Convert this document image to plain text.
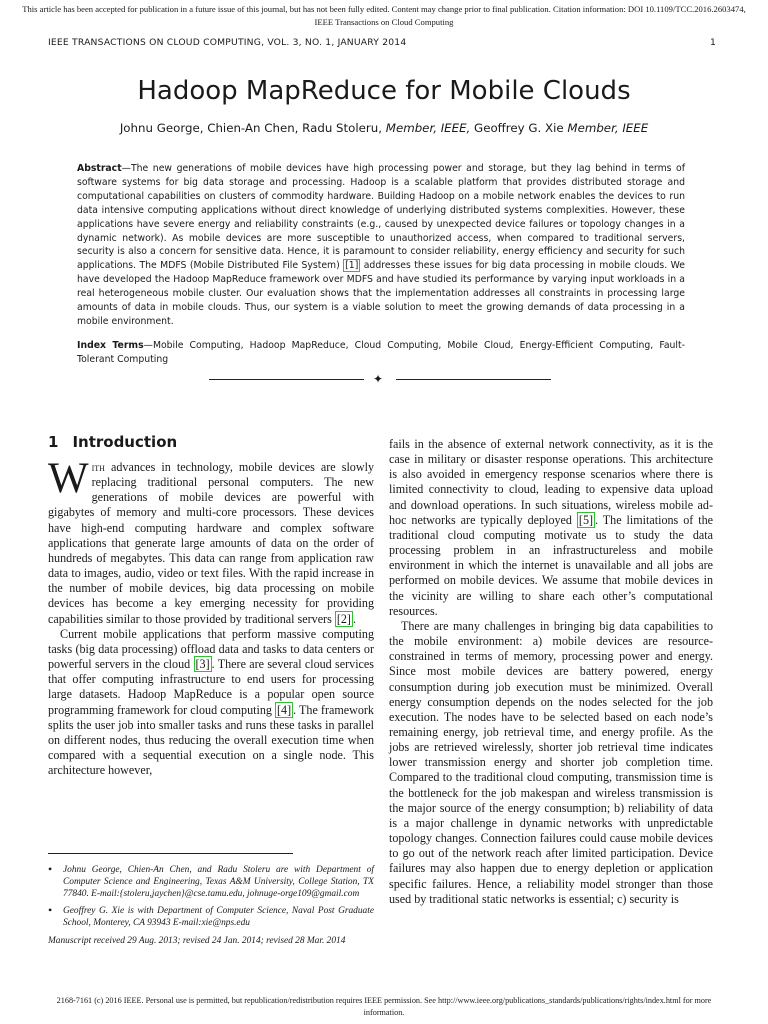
This article has been accepted for publication in a future issue of this journal, but has not been fully edited. Content may change prior to final publication. Citation information: DOI 10.1109/TCC.2016.2603474,
IEEE Transactions on Cloud Computing
IEEE TRANSACTIONS ON CLOUD COMPUTING, VOL. 3, NO. 1, JANUARY 2014	1
Hadoop MapReduce for Mobile Clouds
Johnu George, Chien-An Chen, Radu Stoleru, Member, IEEE, Geoffrey G. Xie Member, IEEE
Abstract—The new generations of mobile devices have high processing power and storage, but they lag behind in terms of software systems for big data storage and processing. Hadoop is a scalable platform that provides distributed storage and computational capabilities on clusters of commodity hardware. Building Hadoop on a mobile network enables the devices to run data intensive computing applications without direct knowledge of underlying distributed systems complexities. However, these applications have severe energy and reliability constraints (e.g., caused by unexpected device failures or topology changes in a dynamic network). As mobile devices are more susceptible to unauthorized access, when compared to traditional servers, security is also a concern for sensitive data. Hence, it is paramount to consider reliability, energy efficiency and security for such applications. The MDFS (Mobile Distributed File System) [1] addresses these issues for big data processing in mobile clouds. We have developed the Hadoop MapReduce framework over MDFS and have studied its performance by varying input workloads in a real heterogeneous mobile cluster. Our evaluation shows that the implementation addresses all constraints in processing large amounts of data in mobile clouds. Thus, our system is a viable solution to meet the growing demands of data processing in a mobile environment.
Index Terms—Mobile Computing, Hadoop MapReduce, Cloud Computing, Mobile Cloud, Energy-Efficient Computing, Fault-Tolerant Computing
✦
1 Introduction

With advances in technology, mobile devices are slowly replacing traditional personal computers. The new generations of mobile devices are powerful with gigabytes of memory and multi-core processors. These devices have high-end computing hardware and complex software applications that generate large amounts of data on the order of hundreds of megabytes. This data can range from application raw data to images, audio, video or text files. With the rapid increase in the number of mobile devices, big data processing on mobile devices has become a key emerging necessity for providing capabilities similar to those provided by traditional servers [2] .

Current mobile applications that perform massive computing tasks (big data processing) offload data and tasks to data centers or powerful servers in the cloud [3] . There are several cloud services that offer computing infrastructure to end users for processing large datasets. Hadoop MapReduce is a popular open source programming framework for cloud computing [4] . The framework splits the user job into smaller tasks and runs these tasks in parallel on different nodes, thus reducing the overall execution time when compared with a sequential execution on a single node. This architecture however,

fails in the absence of external network connectivity, as it is the case in military or disaster response operations. This architecture is also avoided in emergency response scenarios where there is limited connectivity to cloud, leading to expensive data upload and download operations. In such situations, wireless mobile ad-hoc networks are typically deployed [5] . The limitations of the traditional cloud computing motivate us to study the data processing problem in an infrastructureless and mobile environment in which the internet is unavailable and all jobs are performed on mobile devices. We assume that mobile devices in the vicinity are willing to share each other’s computational resources.

There are many challenges in bringing big data capabilities to the mobile environment: a) mobile devices are resource-constrained in terms of memory, processing power and energy. Since most mobile devices are battery powered, energy consumption during job execution must be minimized. Overall energy consumption depends on the nodes selected for the job execution. The nodes have to be selected based on each node’s remaining energy, job retrieval time, and energy profile. As the jobs are retrieved wirelessly, shorter job retrieval time indicates lower transmission energy and shorter job completion time. Compared to the traditional cloud computing, transmission time is the bottleneck for the job makespan and wireless transmission is the major source of the energy consumption; b) reliability of data is a major challenge in dynamic networks with unpredictable topology changes. Connection failures could cause mobile devices to go out of the network reach after limited participation. Device failures may also happen due to energy depletion or application specific failures. Hence, a reliability model stronger than those used by traditional static networks is essential; c) security is

• Johnu George, Chien-An Chen, and Radu Stoleru are with Department of Computer Science and Engineering, Texas A&M University, College Station, TX 77840. E-mail:{stoleru,jaychen}@cse.tamu.edu, johnuge-orge109@gmail.com
• Geoffrey G. Xie is with Department of Computer Science, Naval Post Graduate School, Monterey, CA 93943 E-mail:xie@nps.edu
Manuscript received 29 Aug. 2013; revised 24 Jan. 2014; revised 28 Mar. 2014
2168-7161 (c) 2016 IEEE. Personal use is permitted, but republication/redistribution requires IEEE permission. See http://www.ieee.org/publications_standards/publications/rights/index.html for more
information.
